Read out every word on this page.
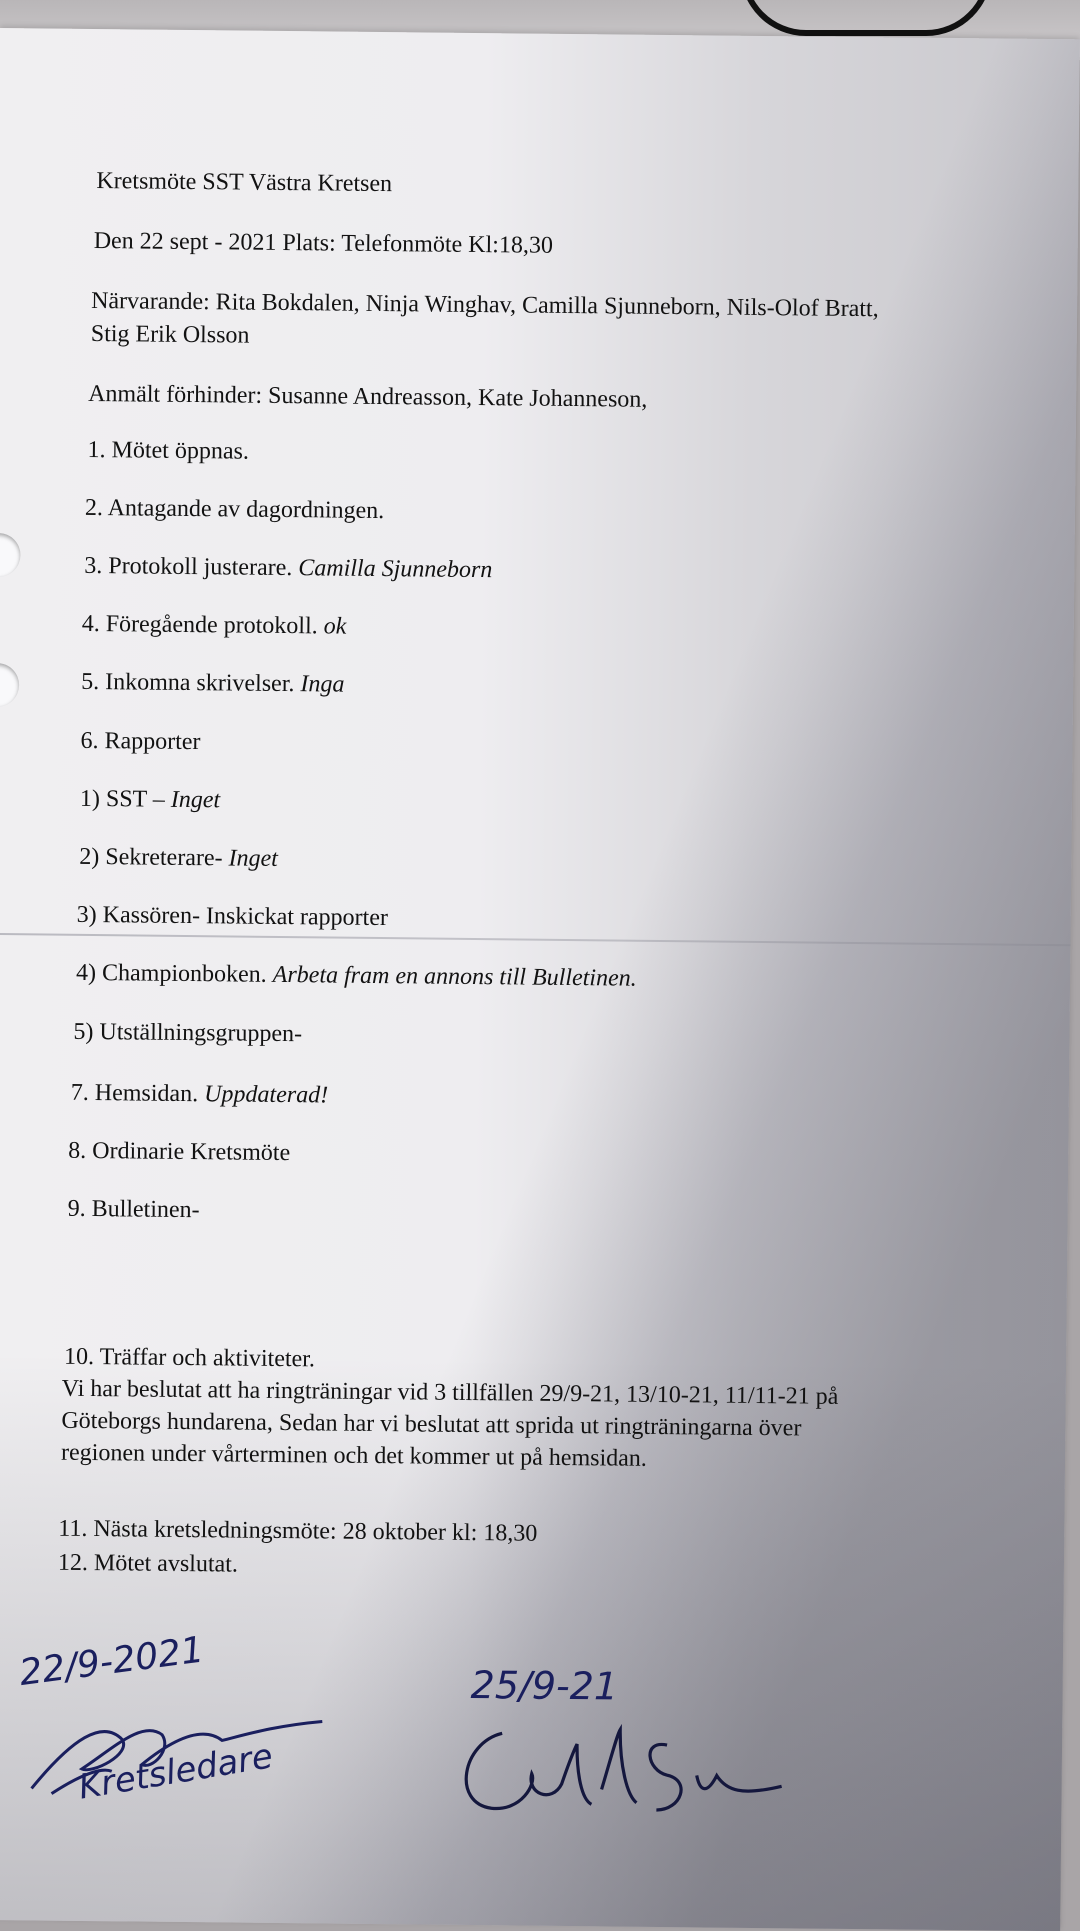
Kretsmöte SST Västra Kretsen
Den 22 sept - 2021 Plats: Telefonmöte Kl:18,30
Närvarande: Rita Bokdalen, Ninja Winghav, Camilla Sjunneborn, Nils-Olof Bratt,
Stig Erik Olsson
Anmält förhinder: Susanne Andreasson, Kate Johanneson,
1. Mötet öppnas.
2. Antagande av dagordningen.
3. Protokoll justerare. Camilla Sjunneborn
4. Föregående protokoll. ok
5. Inkomna skrivelser. Inga
6. Rapporter
1) SST – Inget
2) Sekreterare- Inget
3) Kassören- Inskickat rapporter
4) Championboken. Arbeta fram en annons till Bulletinen.
5) Utställningsgruppen-
7. Hemsidan. Uppdaterad!
8. Ordinarie Kretsmöte
9. Bulletinen-
10. Träffar och aktiviteter.
Vi har beslutat att ha ringträningar vid 3 tillfällen 29/9-21, 13/10-21, 11/11-21 på
Göteborgs hundarena, Sedan har vi beslutat att sprida ut ringträningarna över
regionen under vårterminen och det kommer ut på hemsidan.
11. Nästa kretsledningsmöte: 28 oktober kl: 18,30
12. Mötet avslutat.
22/9-2021
Kretsledare
25/9-21
